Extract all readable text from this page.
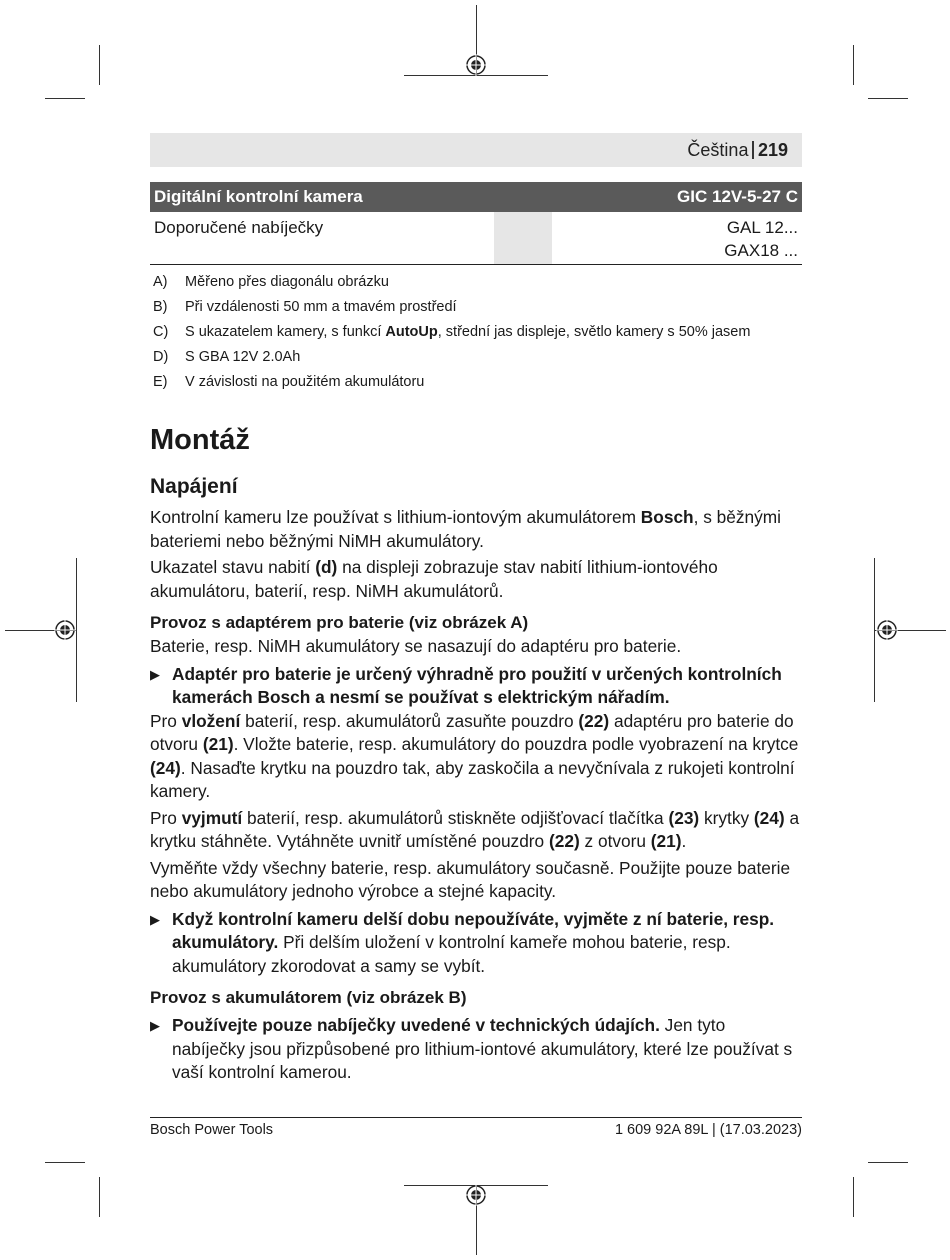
Čeština 219
Digitální kontrolní kamera		GIC 12V-5-27 C
Doporučené nabíječky		GAL 12...
GAX18 ...
A)	Měřeno přes diagonálu obrázku
B)	Při vzdálenosti 50 mm a tmavém prostředí
C)	S ukazatelem kamery, s funkcí AutoUp, střední jas displeje, světlo kamery s 50% jasem
D)	S GBA 12V 2.0Ah
E)	V závislosti na použitém akumulátoru
Montáž
Napájení

Kontrolní kameru lze používat s lithium-iontovým akumulátorem Bosch, s běžnými bateriemi nebo běžnými NiMH akumulátory.

Ukazatel stavu nabití (d) na displeji zobrazuje stav nabití lithium-iontového akumulátoru, baterií, resp. NiMH akumulátorů.

Provoz s adaptérem pro baterie (viz obrázek A)

Baterie, resp. NiMH akumulátory se nasazují do adaptéru pro baterie.

▶ Adaptér pro baterie je určený výhradně pro použití v určených kontrolních kamerách Bosch a nesmí se používat s elektrickým nářadím.

Pro vložení baterií, resp. akumulátorů zasuňte pouzdro (22) adaptéru pro baterie do otvoru (21). Vložte baterie, resp. akumulátory do pouzdra podle vyobrazení na krytce (24). Nasaďte krytku na pouzdro tak, aby zaskočila a nevyčnívala z rukojeti kontrolní kamery.

Pro vyjmutí baterií, resp. akumulátorů stiskněte odjišťovací tlačítka (23) krytky (24) a krytku stáhněte. Vytáhněte uvnitř umístěné pouzdro (22) z otvoru (21).

Vyměňte vždy všechny baterie, resp. akumulátory současně. Použijte pouze baterie nebo akumulátory jednoho výrobce a stejné kapacity.

▶ Když kontrolní kameru delší dobu nepoužíváte, vyjměte z ní baterie, resp. akumulátory. Při delším uložení v kontrolní kameře mohou baterie, resp. akumulátory zkorodovat a samy se vybít.
Provoz s akumulátorem (viz obrázek B)
▶ Používejte pouze nabíječky uvedené v technických údajích. Jen tyto nabíječky jsou přizpůsobené pro lithium-iontové akumulátory, které lze používat s vaší kontrolní kamerou.
Bosch Power Tools	1 609 92A 89L | (17.03.2023)
